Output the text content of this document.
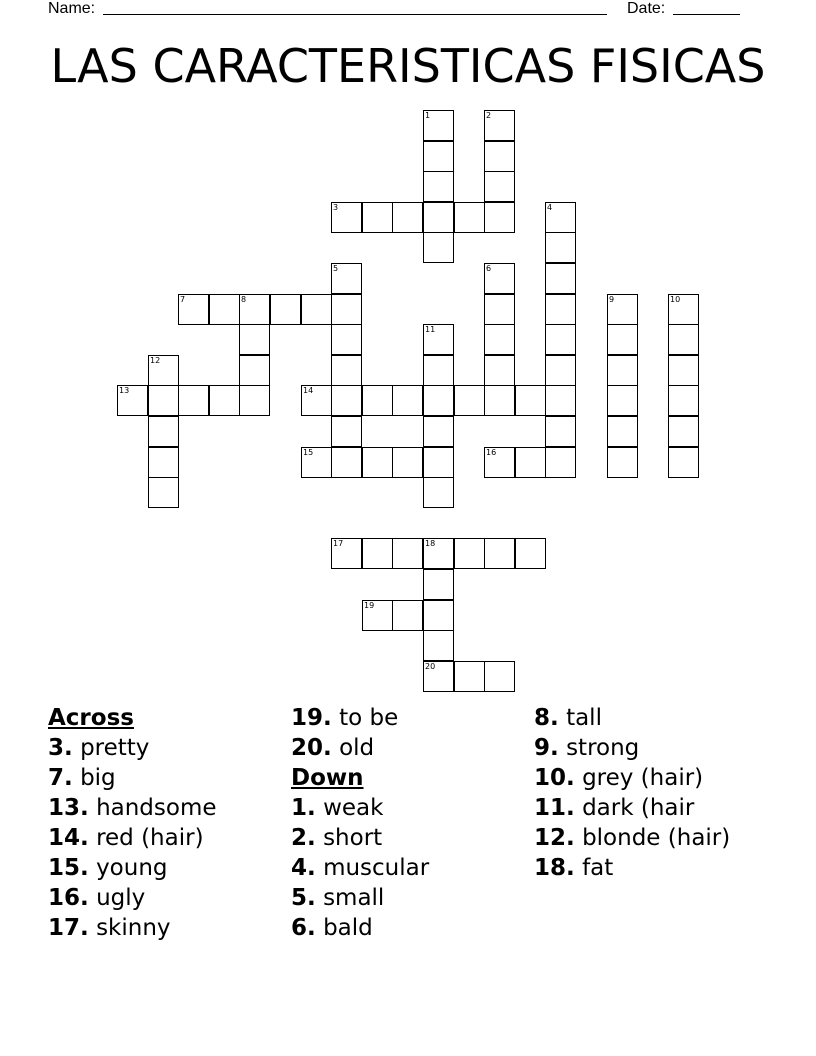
Name:	Date:
LAS CARACTERISTICAS FISICAS
1	2
3	4
5	6
7	8	9	10
11
12
13	14
15	16
17	18
20
19
Across
3. pretty
7. big
13. handsome
14. red (hair)
15. young
16. ugly
17. skinny
19. to be
20. old
Down
1. weak
2. short
4. muscular
5. small
6. bald
8. tall
9. strong
10. grey (hair)
11. dark (hair
12. blonde (hair)
18. fat
